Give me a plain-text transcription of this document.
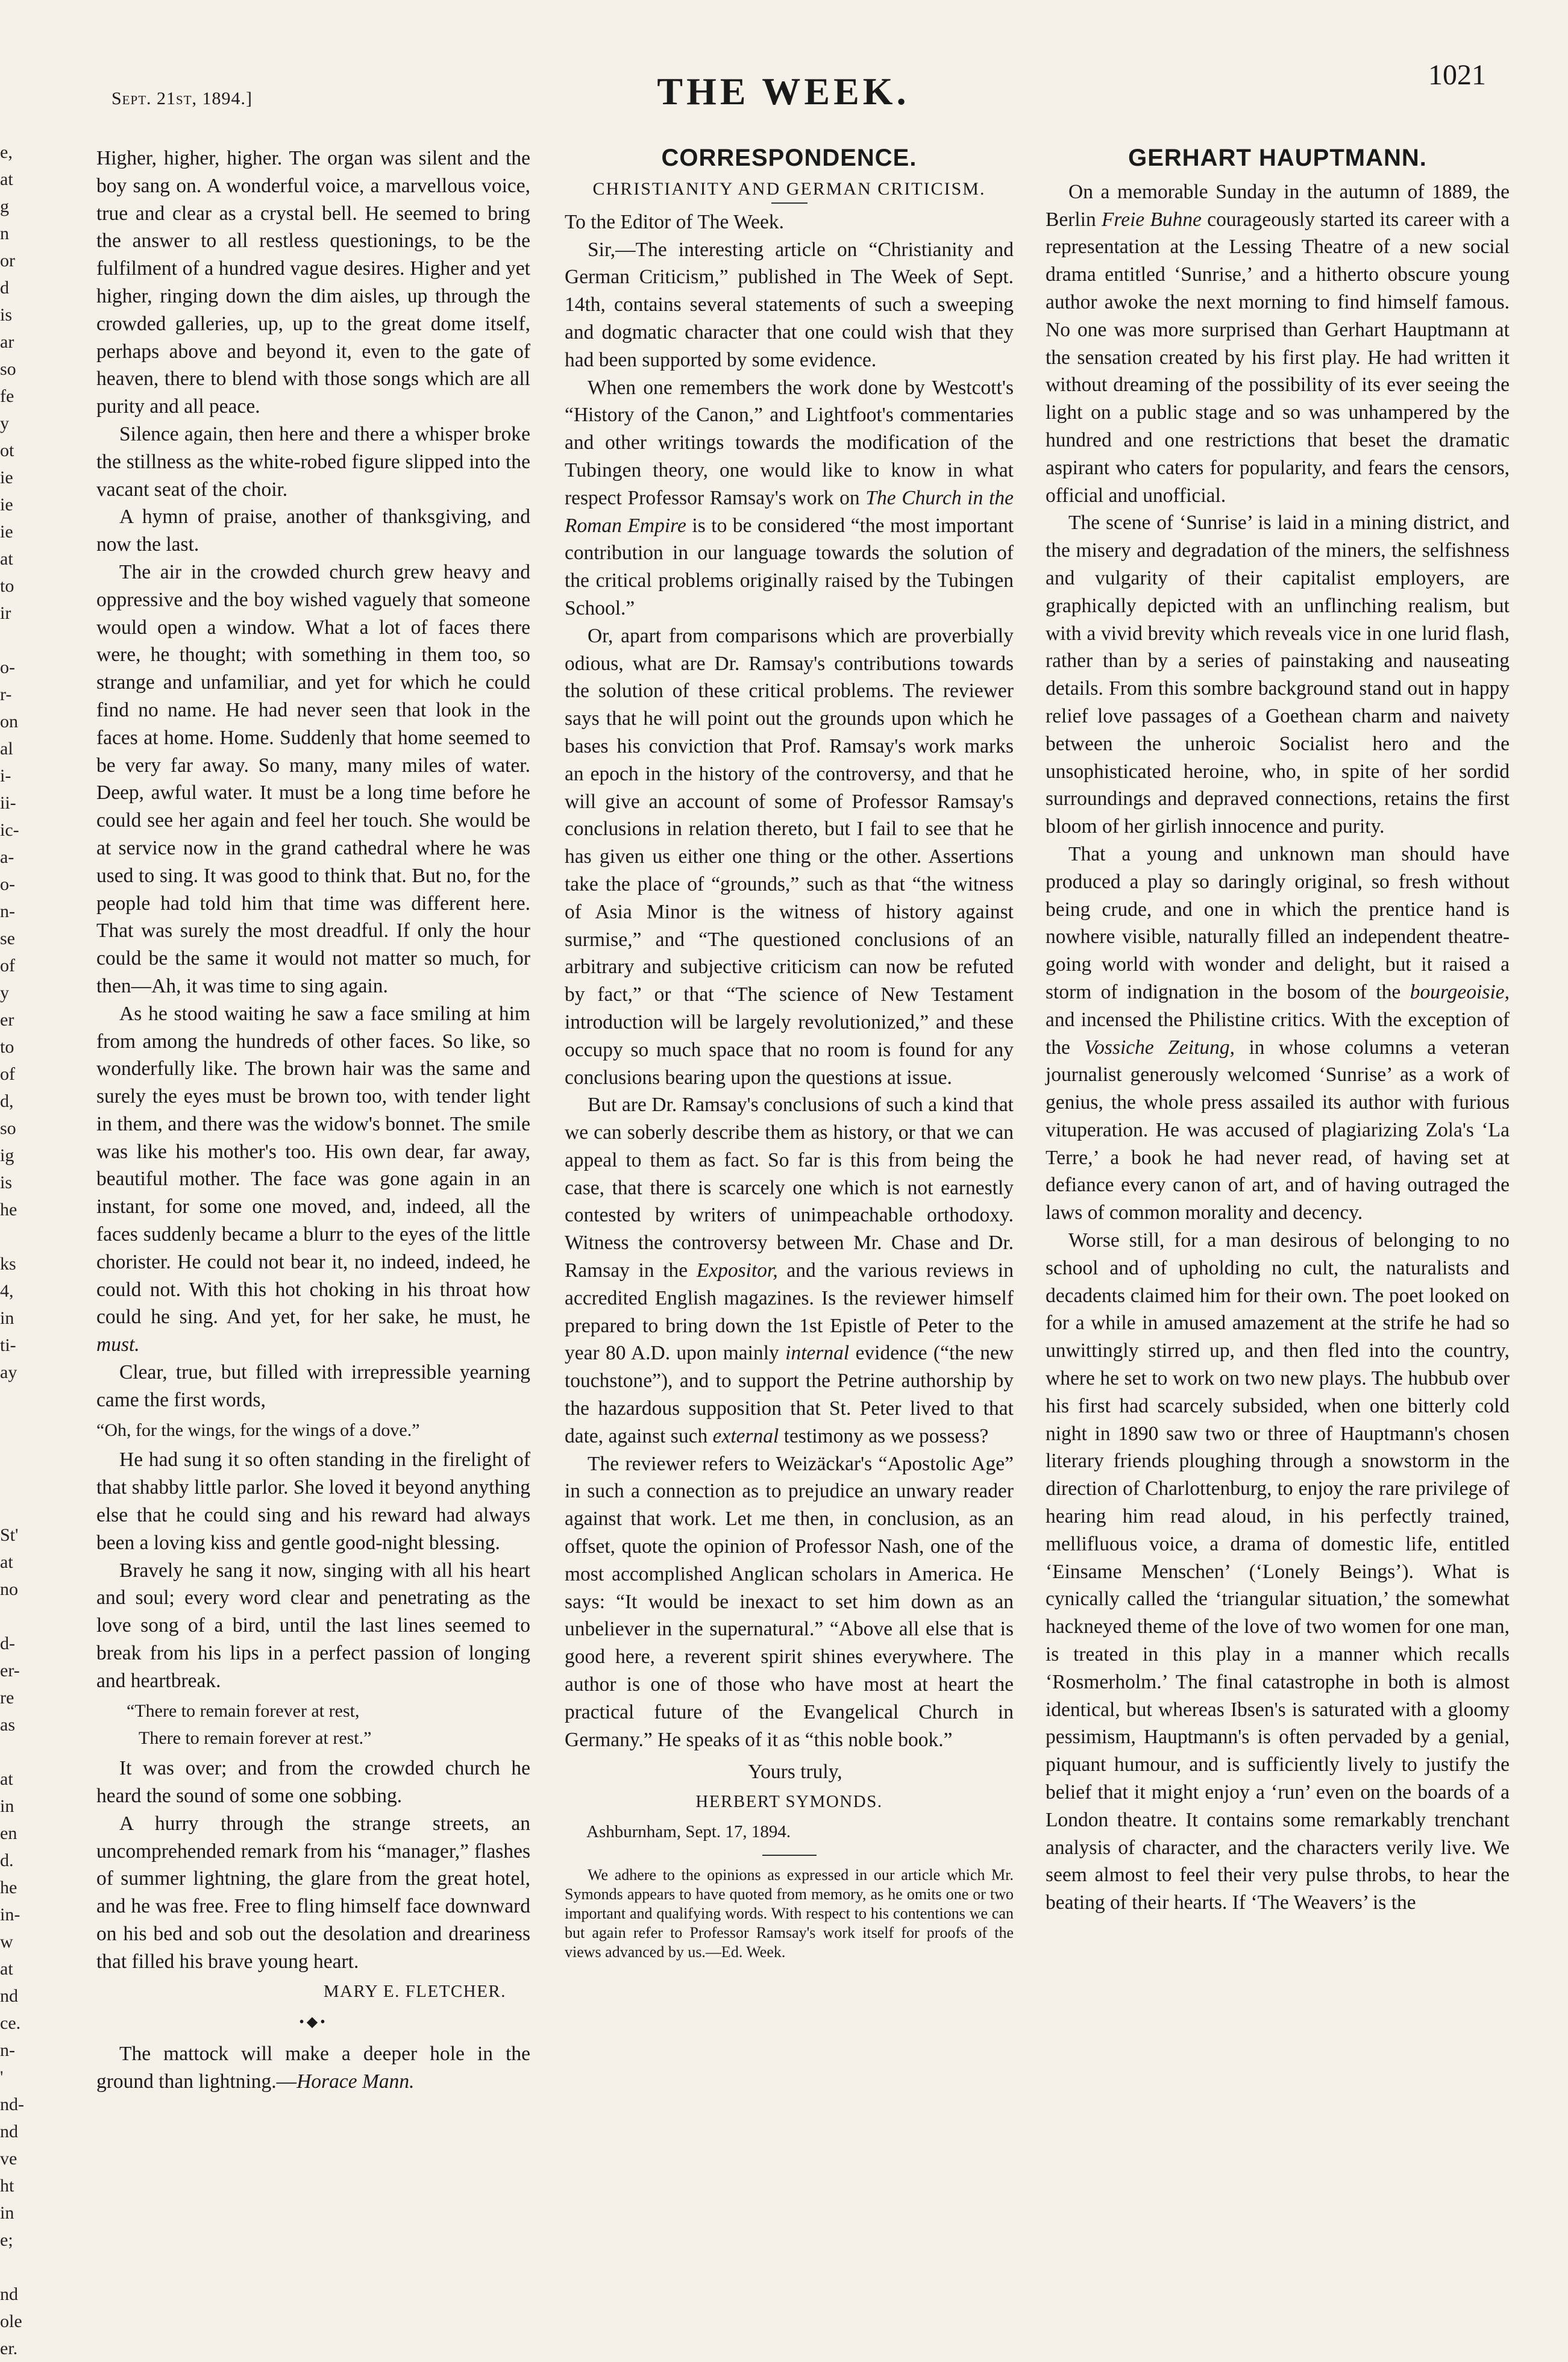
e,
at
g
n
or
d
is
ar
so
fe
y
ot
ie
ie
ie
at
to
ir
o-
r-
on
al
i-
ii-
ic-
a-
o-
n-
se
of
y
er
to
of
d,
so
ig
is
he
ks
4,
in
ti-
ay
St'
at
no
d-
er-
re
as
at
in
en
d.
he
in-
w
at
nd
ce.
n-
'
nd-
nd
ve
ht
in
e;
nd
ole
er.
Sept. 21st, 1894.]	THE WEEK.	1021

Higher, higher, higher. The organ was silent and the boy sang on. A wonderful voice, a marvellous voice, true and clear as a crystal bell. He seemed to bring the answer to all restless questionings, to be the fulfilment of a hundred vague desires. Higher and yet higher, ringing down the dim aisles, up through the crowded galleries, up, up to the great dome itself, perhaps above and beyond it, even to the gate of heaven, there to blend with those songs which are all purity and all peace.

Silence again, then here and there a whisper broke the stillness as the white-robed figure slipped into the vacant seat of the choir.

A hymn of praise, another of thanksgiving, and now the last.

The air in the crowded church grew heavy and oppressive and the boy wished vaguely that someone would open a window. What a lot of faces there were, he thought; with something in them too, so strange and unfamiliar, and yet for which he could find no name. He had never seen that look in the faces at home. Home. Suddenly that home seemed to be very far away. So many, many miles of water. Deep, awful water. It must be a long time before he could see her again and feel her touch. She would be at service now in the grand cathedral where he was used to sing. It was good to think that. But no, for the people had told him that time was different here. That was surely the most dreadful. If only the hour could be the same it would not matter so much, for then—Ah, it was time to sing again.

As he stood waiting he saw a face smiling at him from among the hundreds of other faces. So like, so wonderfully like. The brown hair was the same and surely the eyes must be brown too, with tender light in them, and there was the widow's bonnet. The smile was like his mother's too. His own dear, far away, beautiful mother. The face was gone again in an instant, for some one moved, and, indeed, all the faces suddenly became a blurr to the eyes of the little chorister. He could not bear it, no indeed, indeed, he could not. With this hot choking in his throat how could he sing. And yet, for her sake, he must, he must.

Clear, true, but filled with irrepressible yearning came the first words,

“Oh, for the wings, for the wings of a dove.”

He had sung it so often standing in the firelight of that shabby little parlor. She loved it beyond anything else that he could sing and his reward had always been a loving kiss and gentle good-night blessing.

Bravely he sang it now, singing with all his heart and soul; every word clear and penetrating as the love song of a bird, until the last lines seemed to break from his lips in a perfect passion of longing and heartbreak.

“There to remain forever at rest,
There to remain forever at rest.”

It was over; and from the crowded church he heard the sound of some one sobbing.

A hurry through the strange streets, an uncomprehended remark from his “manager,” flashes of summer lightning, the glare from the great hotel, and he was free. Free to fling himself face downward on his bed and sob out the desolation and dreariness that filled his brave young heart.

MARY E. FLETCHER.
•◆•

The mattock will make a deeper hole in the ground than lightning.—Horace Mann.

CORRESPONDENCE.
CHRISTIANITY AND GERMAN CRITICISM.

To the Editor of The Week.

Sir,—The interesting article on “Christianity and German Criticism,” published in The Week of Sept. 14th, contains several statements of such a sweeping and dogmatic character that one could wish that they had been supported by some evidence.

When one remembers the work done by Westcott's “History of the Canon,” and Lightfoot's commentaries and other writings towards the modification of the Tubingen theory, one would like to know in what respect Professor Ramsay's work on The Church in the Roman Empire is to be considered “the most important contribution in our language towards the solution of the critical problems originally raised by the Tubingen School.”

Or, apart from comparisons which are proverbially odious, what are Dr. Ramsay's contributions towards the solution of these critical problems. The reviewer says that he will point out the grounds upon which he bases his conviction that Prof. Ramsay's work marks an epoch in the history of the controversy, and that he will give an account of some of Professor Ramsay's conclusions in relation thereto, but I fail to see that he has given us either one thing or the other. Assertions take the place of “grounds,” such as that “the witness of Asia Minor is the witness of history against surmise,” and “The questioned conclusions of an arbitrary and subjective criticism can now be refuted by fact,” or that “The science of New Testament introduction will be largely revolutionized,” and these occupy so much space that no room is found for any conclusions bearing upon the questions at issue.

But are Dr. Ramsay's conclusions of such a kind that we can soberly describe them as history, or that we can appeal to them as fact. So far is this from being the case, that there is scarcely one which is not earnestly contested by writers of unimpeachable orthodoxy. Witness the controversy between Mr. Chase and Dr. Ramsay in the Expositor, and the various reviews in accredited English magazines. Is the reviewer himself prepared to bring down the 1st Epistle of Peter to the year 80 A.D. upon mainly internal evidence (“the new touchstone”), and to support the Petrine authorship by the hazardous supposition that St. Peter lived to that date, against such external testimony as we possess?

The reviewer refers to Weizäckar's “Apostolic Age” in such a connection as to prejudice an unwary reader against that work. Let me then, in conclusion, as an offset, quote the opinion of Professor Nash, one of the most accomplished Anglican scholars in America. He says: “It would be inexact to set him down as an unbeliever in the supernatural.” “Above all else that is good here, a reverent spirit shines everywhere. The author is one of those who have most at heart the practical future of the Evangelical Church in Germany.” He speaks of it as “this noble book.”

Yours truly,
HERBERT SYMONDS.
Ashburnham, Sept. 17, 1894.

We adhere to the opinions as expressed in our article which Mr. Symonds appears to have quoted from memory, as he omits one or two important and qualifying words. With respect to his contentions we can but again refer to Professor Ramsay's work itself for proofs of the views advanced by us.—Ed. Week.

GERHART HAUPTMANN.

On a memorable Sunday in the autumn of 1889, the Berlin Freie Buhne courageously started its career with a representation at the Lessing Theatre of a new social drama entitled ‘Sunrise,’ and a hitherto obscure young author awoke the next morning to find himself famous. No one was more surprised than Gerhart Hauptmann at the sensation created by his first play. He had written it without dreaming of the possibility of its ever seeing the light on a public stage and so was unhampered by the hundred and one restrictions that beset the dramatic aspirant who caters for popularity, and fears the censors, official and unofficial.

The scene of ‘Sunrise’ is laid in a mining district, and the misery and degradation of the miners, the selfishness and vulgarity of their capitalist employers, are graphically depicted with an unflinching realism, but with a vivid brevity which reveals vice in one lurid flash, rather than by a series of painstaking and nauseating details. From this sombre background stand out in happy relief love passages of a Goethean charm and naivety between the unheroic Socialist hero and the unsophisticated heroine, who, in spite of her sordid surroundings and depraved connections, retains the first bloom of her girlish innocence and purity.

That a young and unknown man should have produced a play so daringly original, so fresh without being crude, and one in which the prentice hand is nowhere visible, naturally filled an independent theatre-going world with wonder and delight, but it raised a storm of indignation in the bosom of the bourgeoisie, and incensed the Philistine critics. With the exception of the Vossiche Zeitung, in whose columns a veteran journalist generously welcomed ‘Sunrise’ as a work of genius, the whole press assailed its author with furious vituperation. He was accused of plagiarizing Zola's ‘La Terre,’ a book he had never read, of having set at defiance every canon of art, and of having outraged the laws of common morality and decency.

Worse still, for a man desirous of belonging to no school and of upholding no cult, the naturalists and decadents claimed him for their own. The poet looked on for a while in amused amazement at the strife he had so unwittingly stirred up, and then fled into the country, where he set to work on two new plays. The hubbub over his first had scarcely subsided, when one bitterly cold night in 1890 saw two or three of Hauptmann's chosen literary friends ploughing through a snowstorm in the direction of Charlottenburg, to enjoy the rare privilege of hearing him read aloud, in his perfectly trained, mellifluous voice, a drama of domestic life, entitled ‘Einsame Menschen’ (‘Lonely Beings’). What is cynically called the ‘triangular situation,’ the somewhat hackneyed theme of the love of two women for one man, is treated in this play in a manner which recalls ‘Rosmerholm.’ The final catastrophe in both is almost identical, but whereas Ibsen's is saturated with a gloomy pessimism, Hauptmann's is often pervaded by a genial, piquant humour, and is sufficiently lively to justify the belief that it might enjoy a ‘run’ even on the boards of a London theatre. It contains some remarkably trenchant analysis of character, and the characters verily live. We seem almost to feel their very pulse throbs, to hear the beating of their hearts. If ‘The Weavers’ is the
